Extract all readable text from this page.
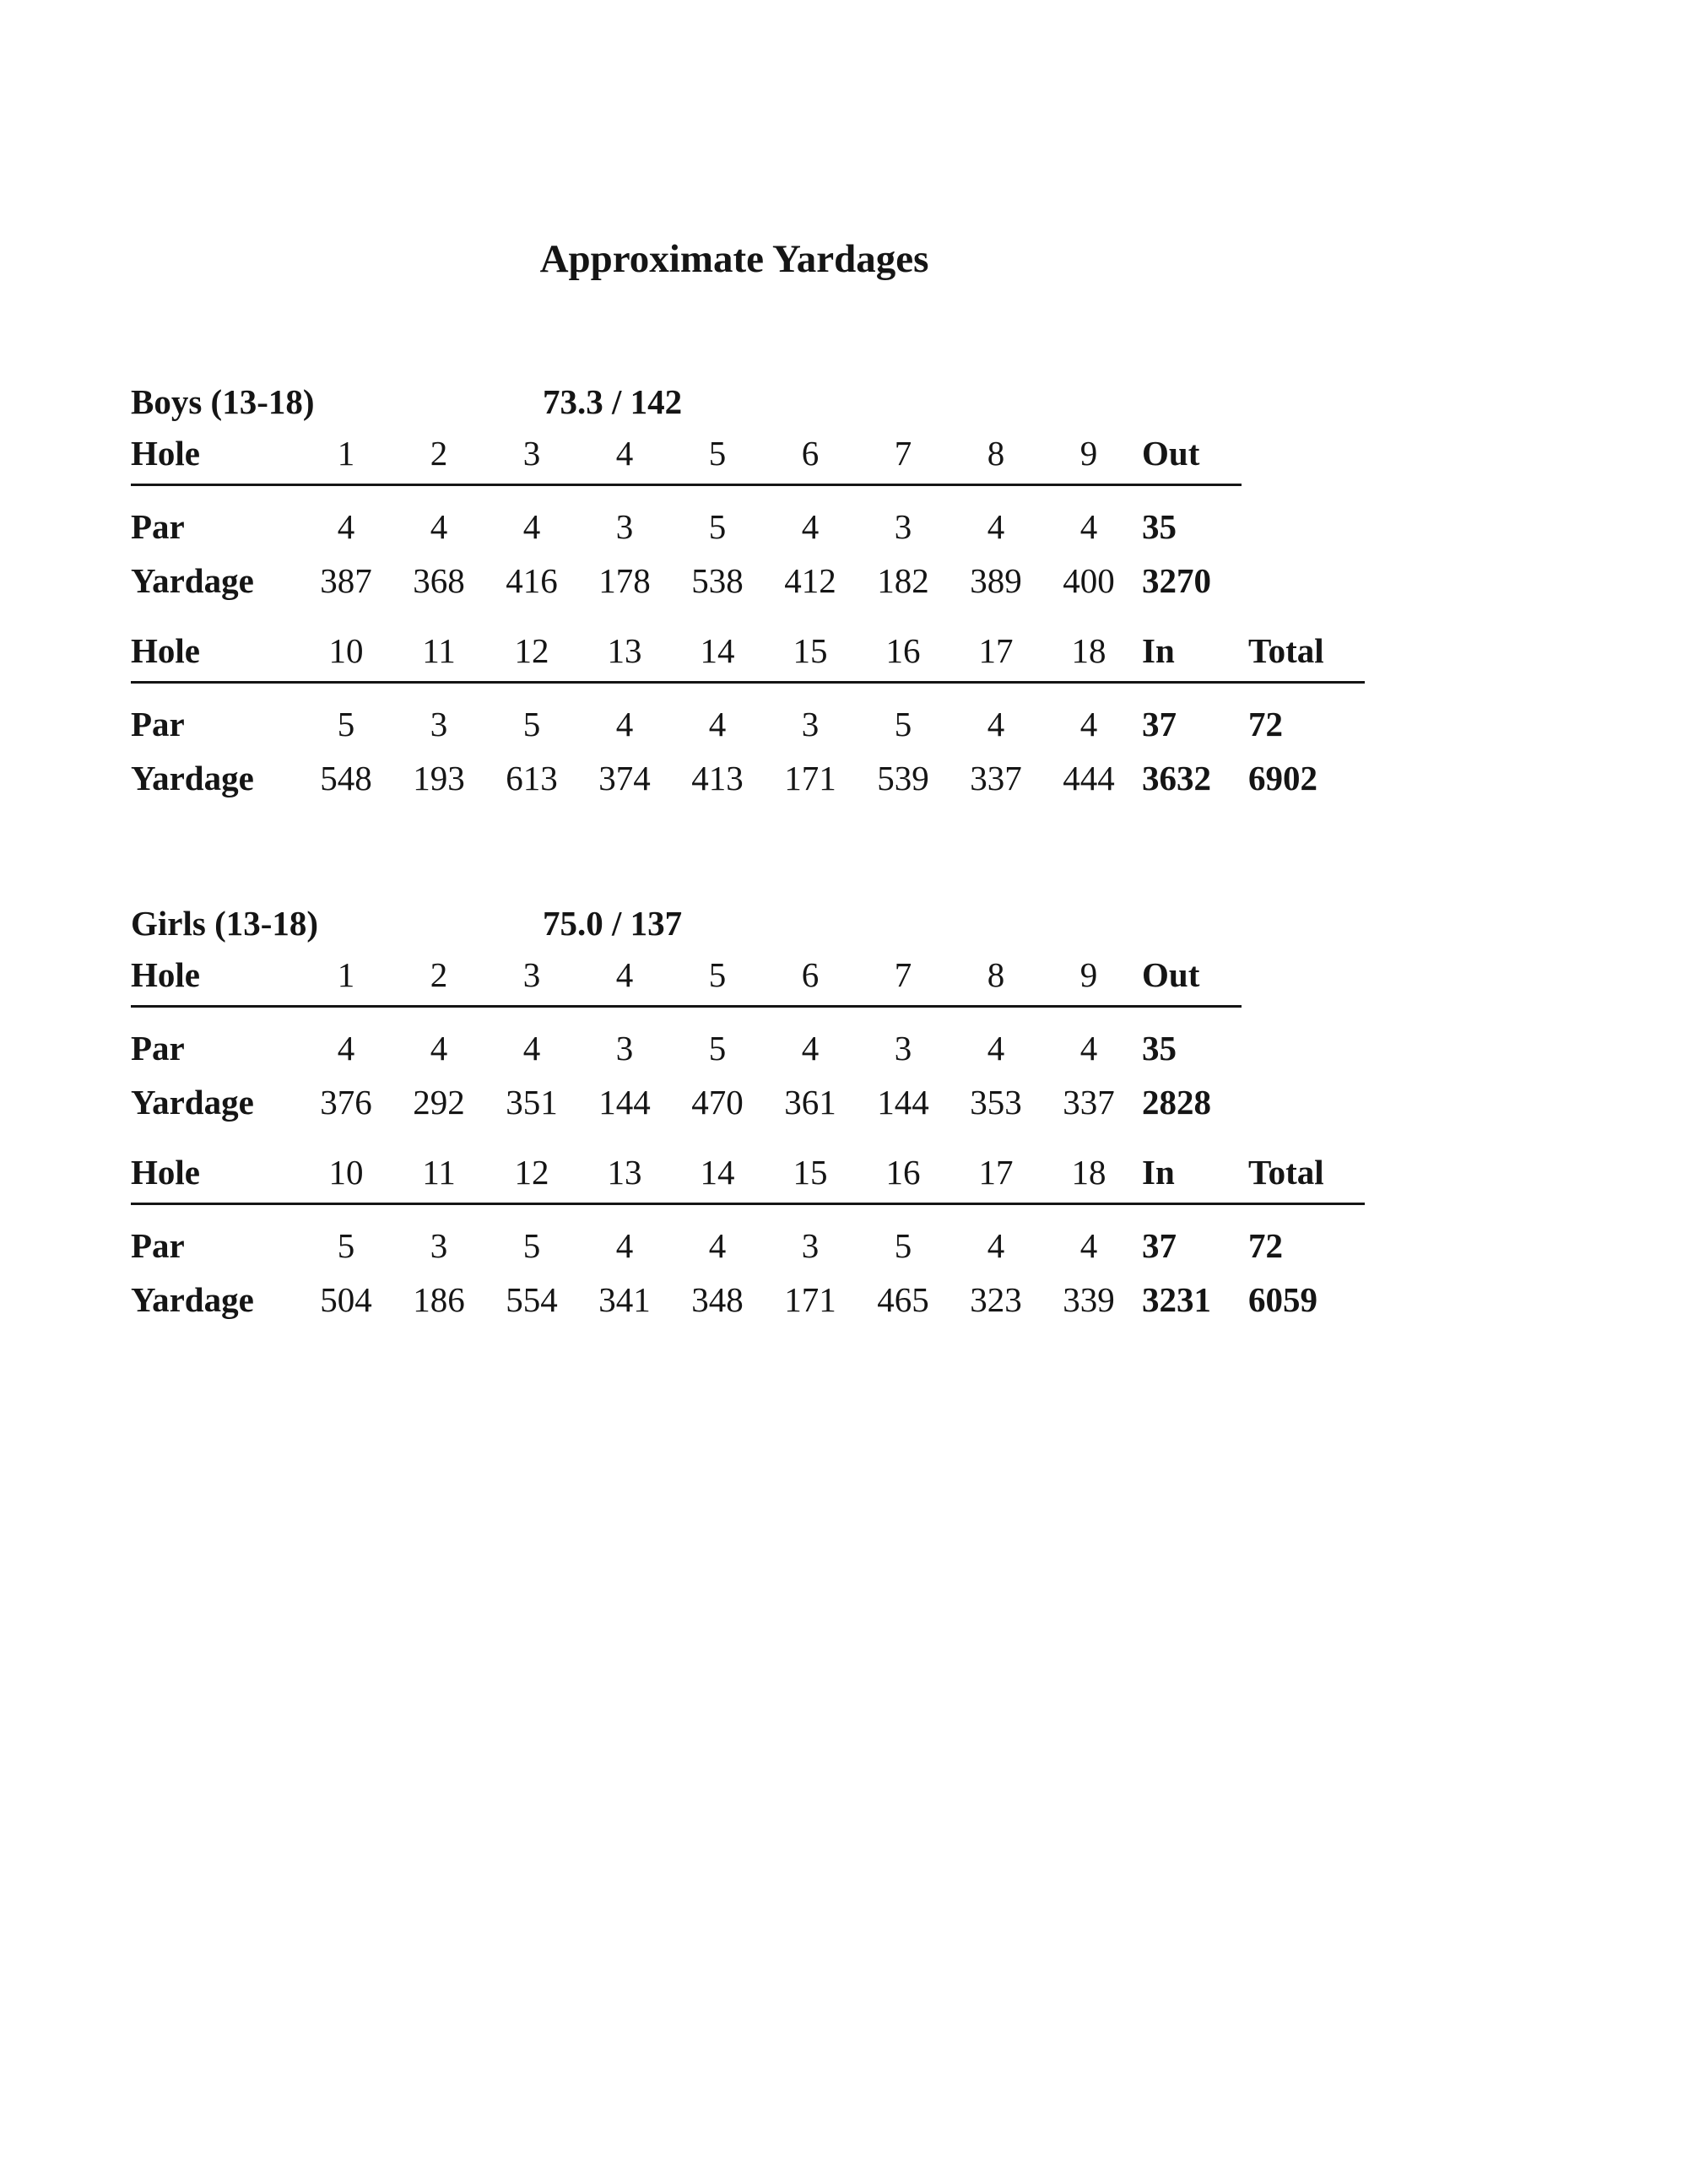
Approximate Yardages
Boys (13-18)	73.3 / 142
Hole	1	2	3	4	5	6	7	8	9	Out
Par	4	4	4	3	5	4	3	4	4	35
Yardage	387	368	416	178	538	412	182	389	400	3270
Hole	10	11	12	13	14	15	16	17	18	In	Total
Par	5	3	5	4	4	3	5	4	4	37	72
Yardage	548	193	613	374	413	171	539	337	444	3632	6902
Girls (13-18)	75.0 / 137
Hole	1	2	3	4	5	6	7	8	9	Out
Par	4	4	4	3	5	4	3	4	4	35
Yardage	376	292	351	144	470	361	144	353	337	2828
Hole	10	11	12	13	14	15	16	17	18	In	Total
Par	5	3	5	4	4	3	5	4	4	37	72
Yardage	504	186	554	341	348	171	465	323	339	3231	6059
